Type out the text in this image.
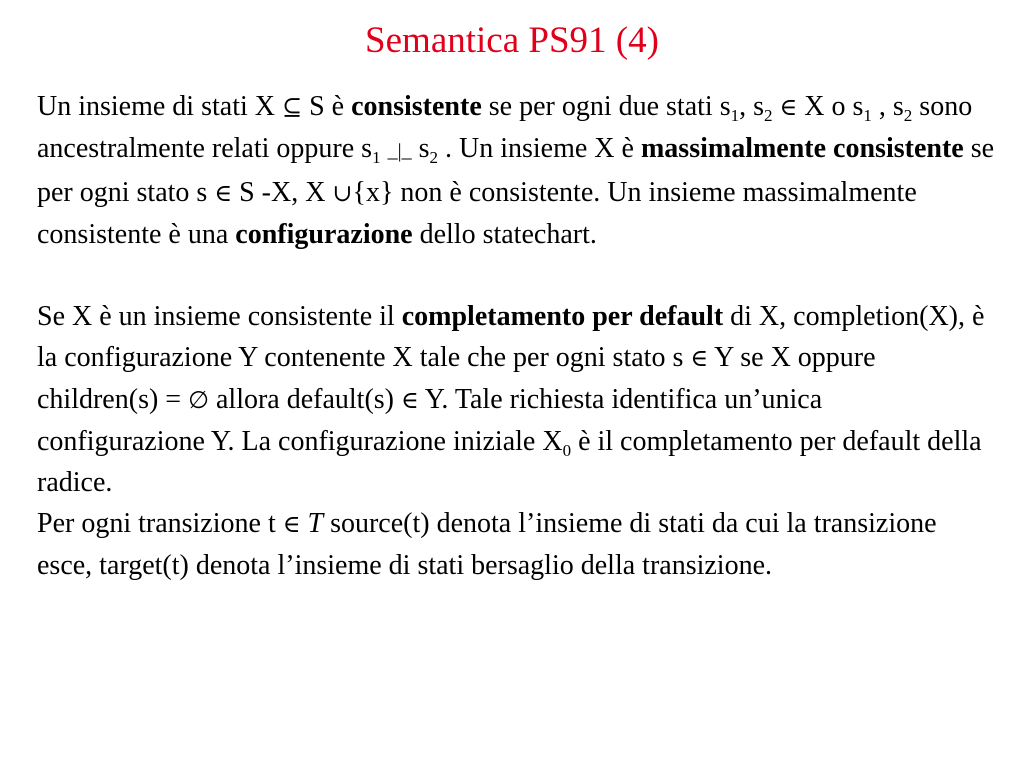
Semantica PS91 (4)

Un insieme di stati X ⊆ S è consistente se per ogni due stati $s_1$, $s_2$ ∈ X o $s_1$ , $s_2$ sono ancestralmente relati oppure $s_1$ _|_ $s_2$ . Un insieme X è massimalmente consistente se per ogni stato s ∈ S -X, X ∪{x} non è consistente. Un insieme massimalmente consistente è una configurazione dello statechart.

Se X è un insieme consistente il completamento per default di X, completion(X), è la configurazione Y contenente X tale che per ogni stato s ∈ Y se X oppure children(s) = ∅ allora default(s) ∈ Y. Tale richiesta identifica un’unica configurazione Y. La configurazione iniziale $X_0$ è il completamento per default della radice.

Per ogni transizione t ∈ T source(t) denota l’insieme di stati da cui la transizione esce, target(t) denota l’insieme di stati bersaglio della transizione.
